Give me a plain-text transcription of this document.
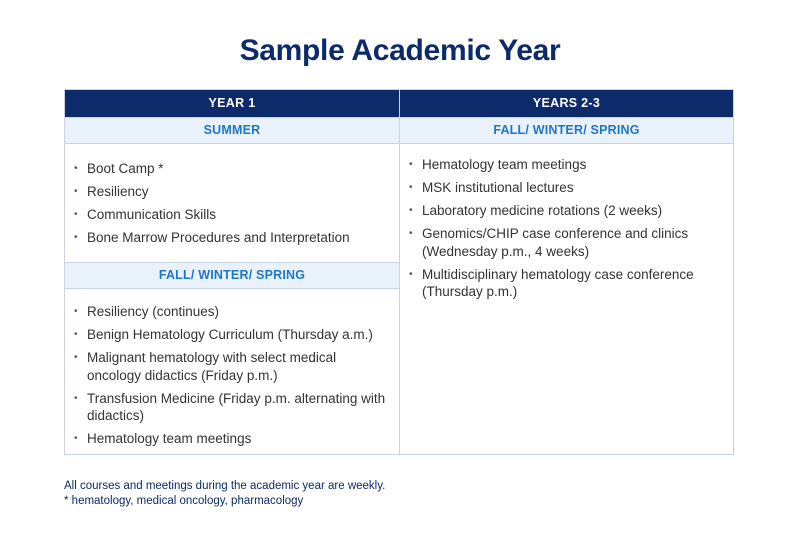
Sample Academic Year
YEAR 1
SUMMER
• Boot Camp *
• Resiliency
• Communication Skills
• Bone Marrow Procedures and Interpretation
FALL/ WINTER/ SPRING
• Resiliency (continues)
• Benign Hematology Curriculum (Thursday a.m.)
• Malignant hematology with select medical oncology didactics (Friday p.m.)
• Transfusion Medicine (Friday p.m. alternating with didactics)
• Hematology team meetings
YEARS 2-3
FALL/ WINTER/ SPRING
• Hematology team meetings
• MSK institutional lectures
• Laboratory medicine rotations (2 weeks)
• Genomics/CHIP case conference and clinics (Wednesday p.m., 4 weeks)
• Multidisciplinary hematology case conference (Thursday p.m.)
All courses and meetings during the academic year are weekly.
* hematology, medical oncology, pharmacology
